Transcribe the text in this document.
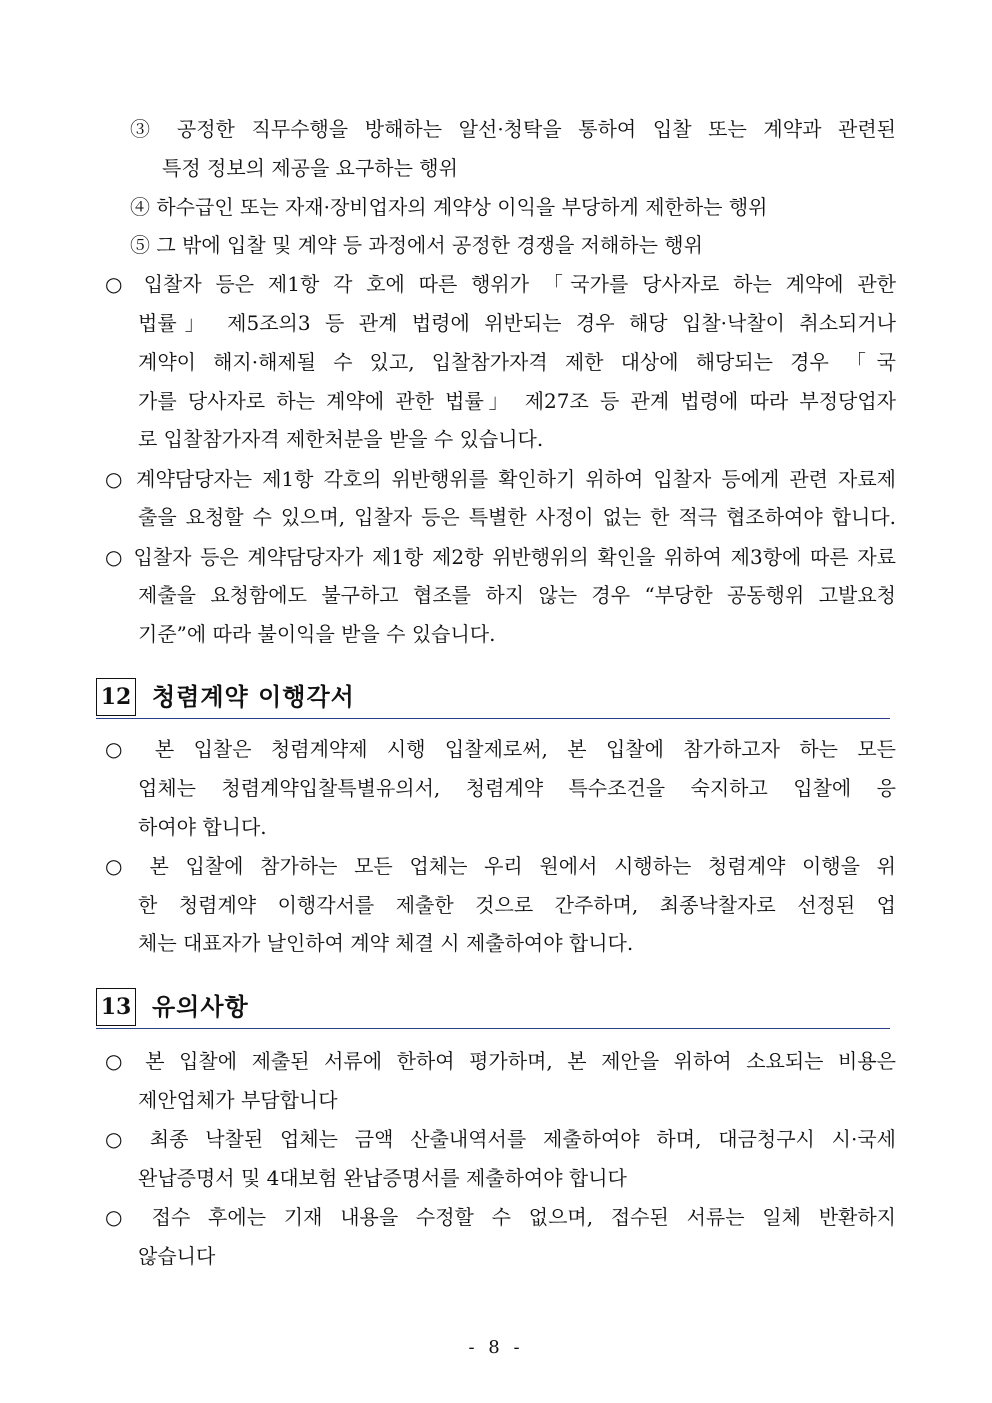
③ 공정한 직무수행을 방해하는 알선·청탁을 통하여 입찰 또는 계약과 관련된
특정 정보의 제공을 요구하는 행위
④ 하수급인 또는 자재·장비업자의 계약상 이익을 부당하게 제한하는 행위
⑤ 그 밖에 입찰 및 계약 등 과정에서 공정한 경쟁을 저해하는 행위
○ 입찰자 등은 제1항 각 호에 따른 행위가 「국가를 당사자로 하는 계약에 관한
법률」 제5조의3 등 관계 법령에 위반되는 경우 해당 입찰·낙찰이 취소되거나
계약이 해지·해제될 수 있고, 입찰참가자격 제한 대상에 해당되는 경우 「국
가를 당사자로 하는 계약에 관한 법률」 제27조 등 관계 법령에 따라 부정당업자
로 입찰참가자격 제한처분을 받을 수 있습니다.
○ 계약담당자는 제1항 각호의 위반행위를 확인하기 위하여 입찰자 등에게 관련 자료제
출을 요청할 수 있으며, 입찰자 등은 특별한 사정이 없는 한 적극 협조하여야 합니다.
○ 입찰자 등은 계약담당자가 제1항 제2항 위반행위의 확인을 위하여 제3항에 따른 자료
제출을 요청함에도 불구하고 협조를 하지 않는 경우 “부당한 공동행위 고발요청
기준”에 따라 불이익을 받을 수 있습니다.
12 청렴계약 이행각서
○ 본 입찰은 청렴계약제 시행 입찰제로써, 본 입찰에 참가하고자 하는 모든
업체는 청렴계약입찰특별유의서, 청렴계약 특수조건을 숙지하고 입찰에 응
하여야 합니다.
○ 본 입찰에 참가하는 모든 업체는 우리 원에서 시행하는 청렴계약 이행을 위
한 청렴계약 이행각서를 제출한 것으로 간주하며, 최종낙찰자로 선정된 업
체는 대표자가 날인하여 계약 체결 시 제출하여야 합니다.
13 유의사항
○ 본 입찰에 제출된 서류에 한하여 평가하며, 본 제안을 위하여 소요되는 비용은
제안업체가 부담합니다
○ 최종 낙찰된 업체는 금액 산출내역서를 제출하여야 하며, 대금청구시 시·국세
완납증명서 및 4대보험 완납증명서를 제출하여야 합니다
○ 접수 후에는 기재 내용을 수정할 수 없으며, 접수된 서류는 일체 반환하지
않습니다
- 8 -
